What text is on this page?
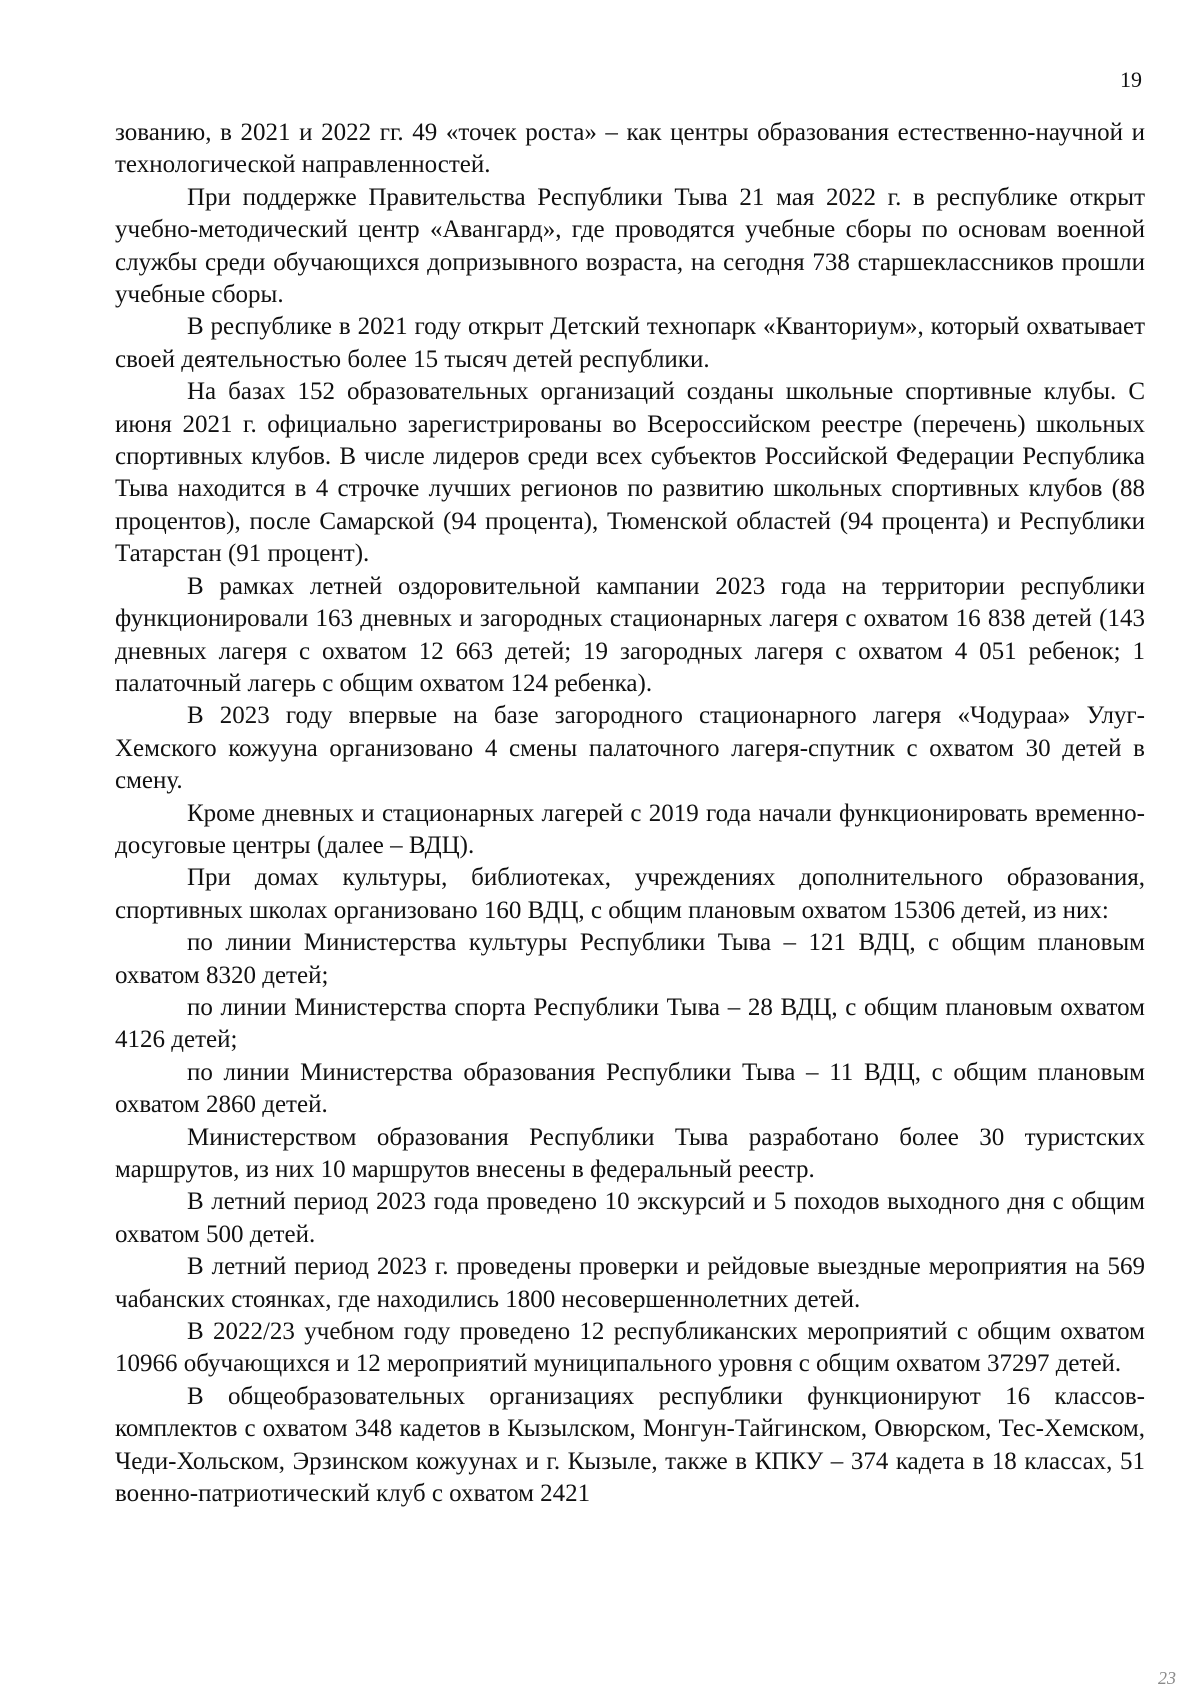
19

зованию, в 2021 и 2022 гг. 49 «точек роста» – как центры образования естественно-научной и технологической направленностей.

При поддержке Правительства Республики Тыва 21 мая 2022 г. в республике открыт учебно-методический центр «Авангард», где проводятся учебные сборы по основам военной службы среди обучающихся допризывного возраста, на сегодня 738 старшеклассников прошли учебные сборы.

В республике в 2021 году открыт Детский технопарк «Кванториум», который охватывает своей деятельностью более 15 тысяч детей республики.

На базах 152 образовательных организаций созданы школьные спортивные клубы. С июня 2021 г. официально зарегистрированы во Всероссийском реестре (перечень) школьных спортивных клубов. В числе лидеров среди всех субъектов Российской Федерации Республика Тыва находится в 4 строчке лучших регионов по развитию школьных спортивных клубов (88 процентов), после Самарской (94 процента), Тюменской областей (94 процента) и Республики Татарстан (91 процент).

В рамках летней оздоровительной кампании 2023 года на территории республики функционировали 163 дневных и загородных стационарных лагеря с охватом 16 838 детей (143 дневных лагеря с охватом 12 663 детей; 19 загородных лагеря с охватом 4 051 ребенок; 1 палаточный лагерь с общим охватом 124 ребенка).

В 2023 году впервые на базе загородного стационарного лагеря «Чодураа» Улуг-Хемского кожууна организовано 4 смены палаточного лагеря-спутник с охватом 30 детей в смену.

Кроме дневных и стационарных лагерей с 2019 года начали функционировать временно-досуговые центры (далее – ВДЦ).

При домах культуры, библиотеках, учреждениях дополнительного образования, спортивных школах организовано 160 ВДЦ, с общим плановым охватом 15306 детей, из них:

по линии Министерства культуры Республики Тыва – 121 ВДЦ, с общим плановым охватом 8320 детей;

по линии Министерства спорта Республики Тыва – 28 ВДЦ, с общим плановым охватом 4126 детей;

по линии Министерства образования Республики Тыва – 11 ВДЦ, с общим плановым охватом 2860 детей.

Министерством образования Республики Тыва разработано более 30 туристских маршрутов, из них 10 маршрутов внесены в федеральный реестр.

В летний период 2023 года проведено 10 экскурсий и 5 походов выходного дня с общим охватом 500 детей.

В летний период 2023 г. проведены проверки и рейдовые выездные мероприятия на 569 чабанских стоянках, где находились 1800 несовершеннолетних детей.

В 2022/23 учебном году проведено 12 республиканских мероприятий с общим охватом 10966 обучающихся и 12 мероприятий муниципального уровня с общим охватом 37297 детей.

В общеобразовательных организациях республики функционируют 16 классов-комплектов с охватом 348 кадетов в Кызылском, Монгун-Тайгинском, Овюрском, Тес-Хемском, Чеди-Хольском, Эрзинском кожуунах и г. Кызыле, также в КПКУ – 374 кадета в 18 классах, 51 военно-патриотический клуб с охватом 2421

23
